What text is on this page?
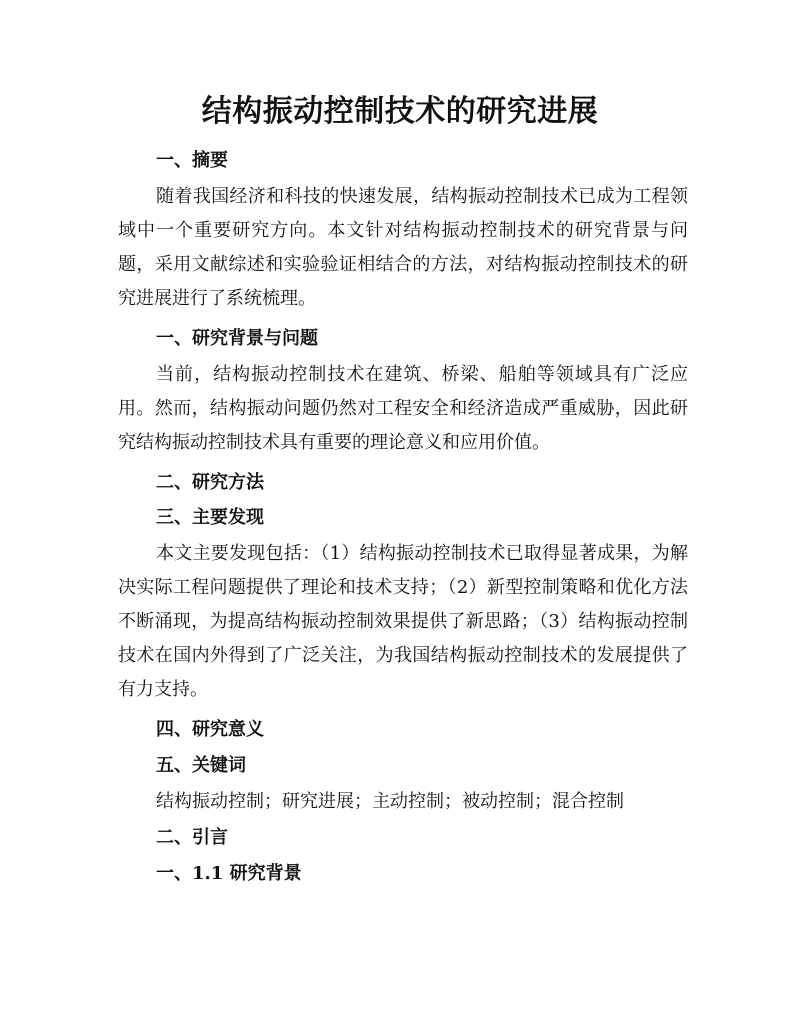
结构振动控制技术的研究进展
一、摘要
随着我国经济和科技的快速发展，结构振动控制技术已成为工程领域中一个重要研究方向。本文针对结构振动控制技术的研究背景与问题，采用文献综述和实验验证相结合的方法，对结构振动控制技术的研究进展进行了系统梳理。
一、研究背景与问题
当前，结构振动控制技术在建筑、桥梁、船舶等领域具有广泛应用。然而，结构振动问题仍然对工程安全和经济造成严重威胁，因此研究结构振动控制技术具有重要的理论意义和应用价值。
二、研究方法
三、主要发现
本文主要发现包括：（1）结构振动控制技术已取得显著成果，为解决实际工程问题提供了理论和技术支持；（2）新型控制策略和优化方法不断涌现，为提高结构振动控制效果提供了新思路；（3）结构振动控制技术在国内外得到了广泛关注，为我国结构振动控制技术的发展提供了有力支持。
四、研究意义
五、关键词
结构振动控制；研究进展；主动控制；被动控制；混合控制
二、引言
一、1.1 研究背景
